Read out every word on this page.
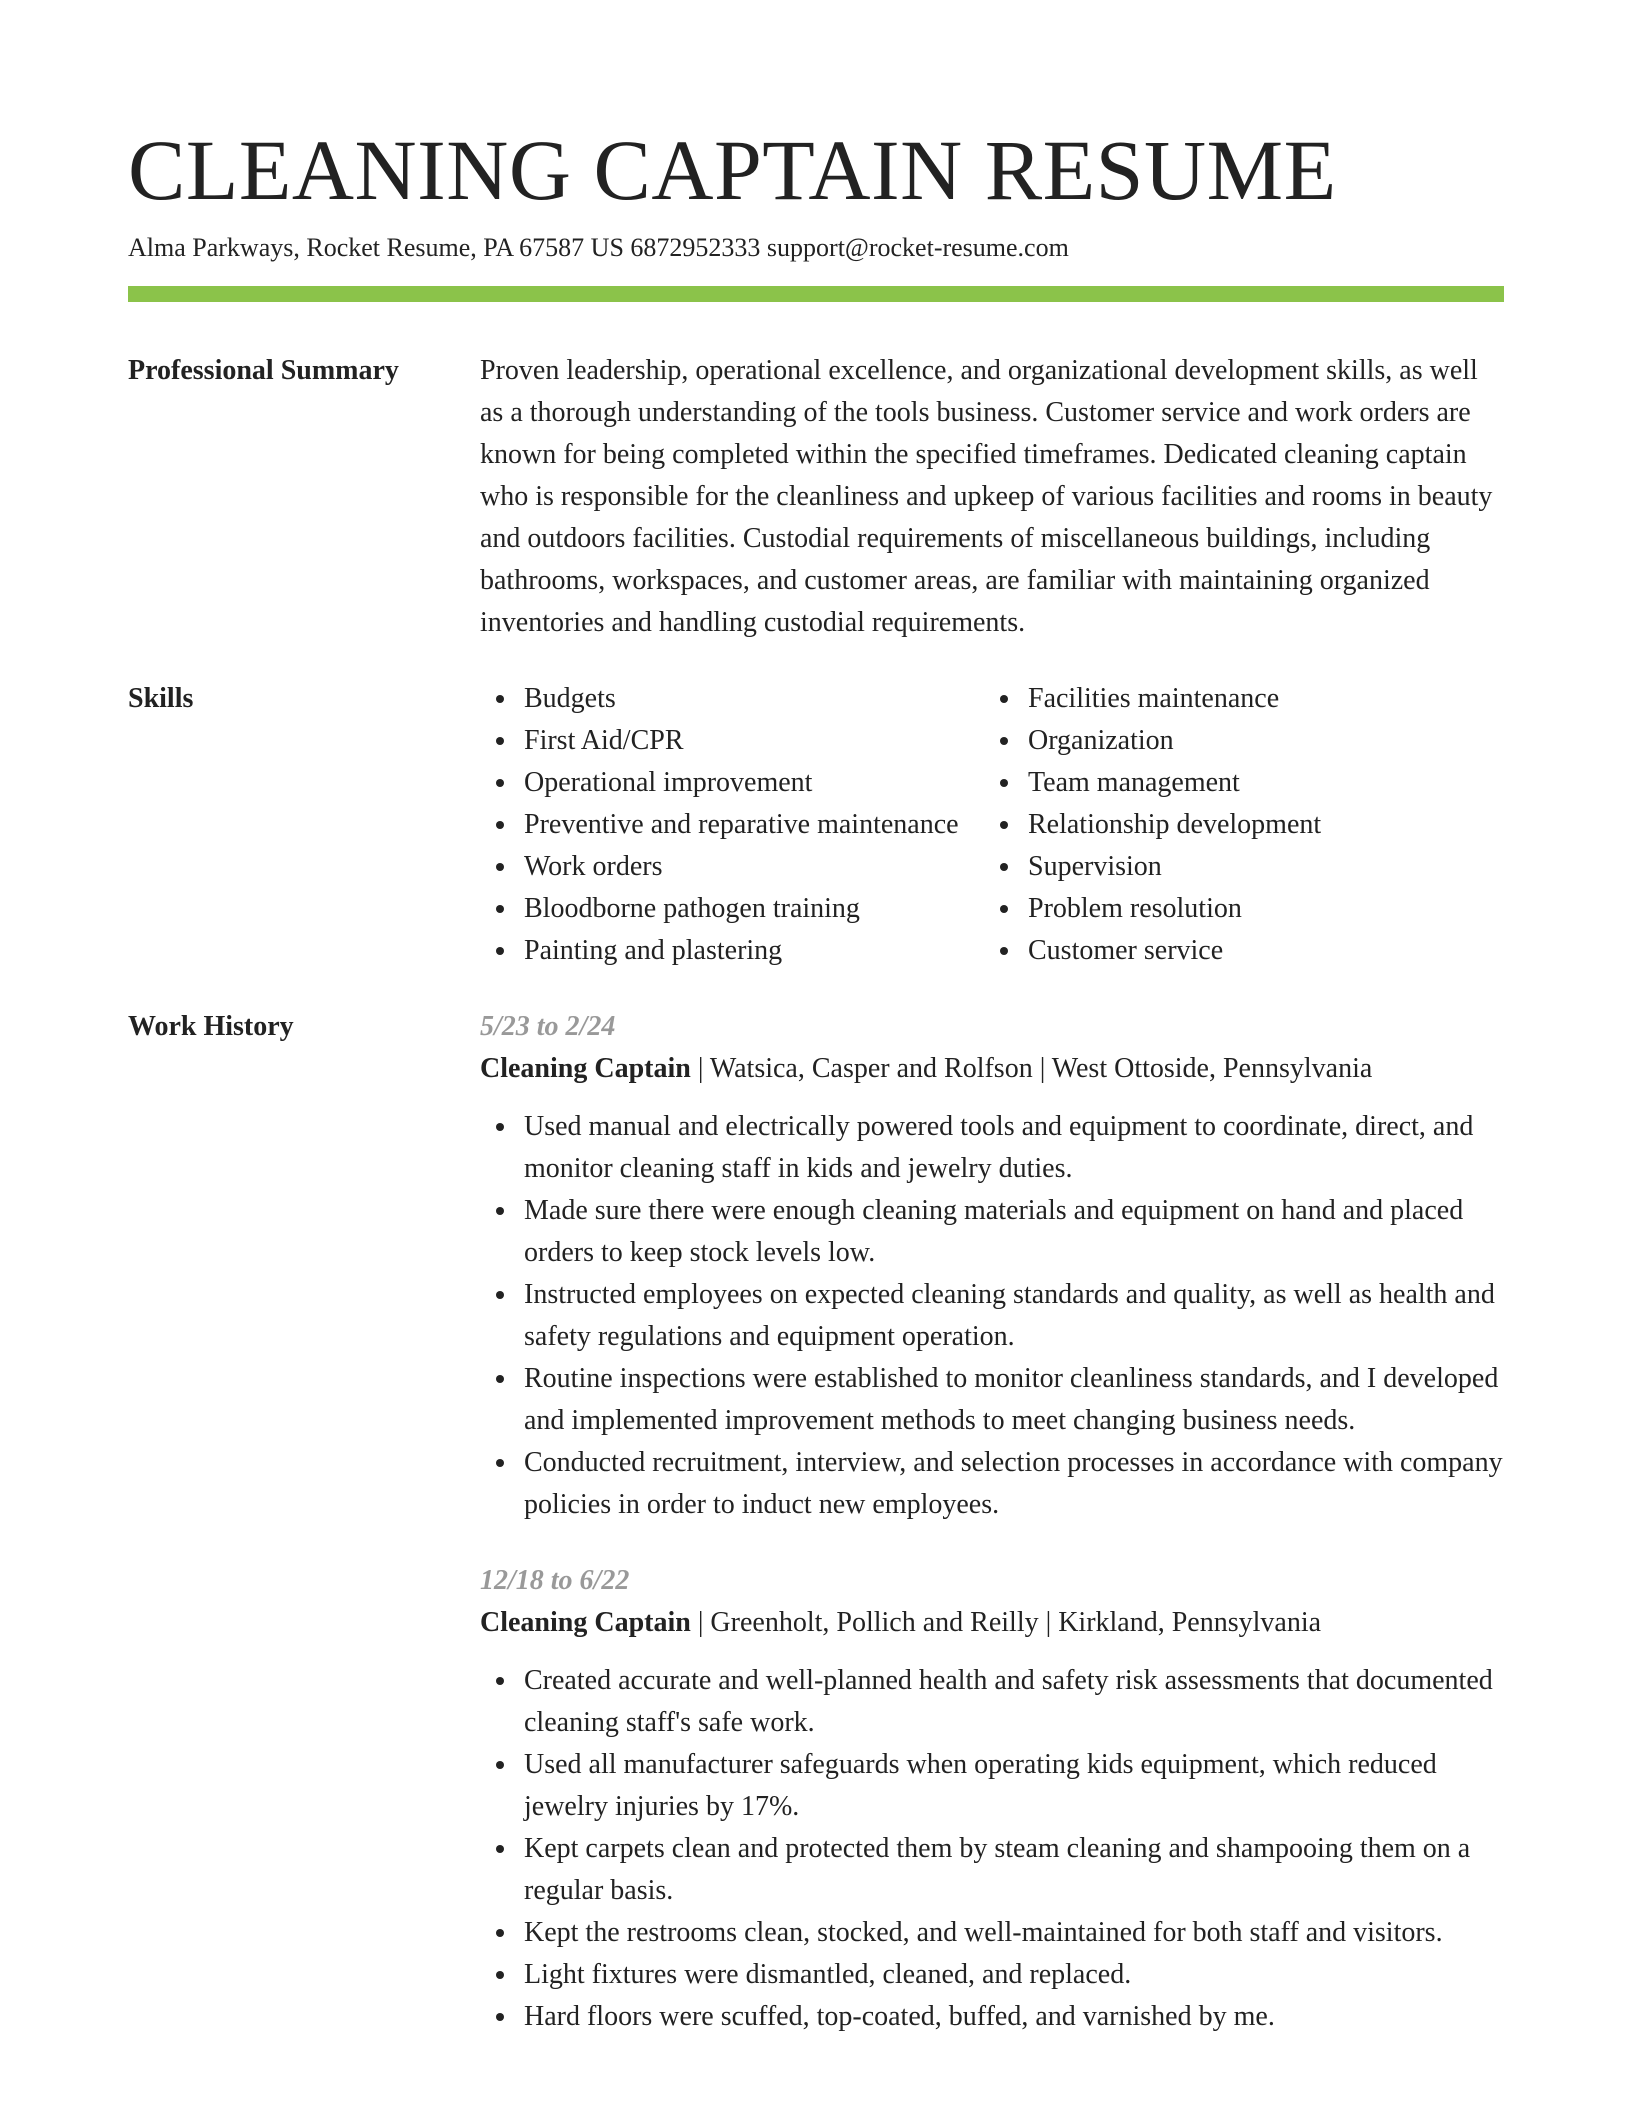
CLEANING CAPTAIN RESUME
Alma Parkways, Rocket Resume, PA 67587 US 6872952333 support@rocket-resume.com
Professional Summary	Proven leadership, operational excellence, and organizational development skills, as well as a thorough understanding of the tools business. Customer service and work orders are known for being completed within the specified timeframes. Dedicated cleaning captain who is responsible for the cleanliness and upkeep of various facilities and rooms in beauty and outdoors facilities. Custodial requirements of miscellaneous buildings, including bathrooms, workspaces, and customer areas, are familiar with maintaining organized inventories and handling custodial requirements.

Skills	Budgets
First Aid/CPR
Operational improvement
Preventive and reparative maintenance
Work orders
Bloodborne pathogen training
Painting and plastering
Facilities maintenance
Organization
Team management
Relationship development
Supervision
Problem resolution
Customer service
Work History	5/23 to 2/24
Cleaning Captain | Watsica, Casper and Rolfson | West Ottoside, Pennsylvania
Used manual and electrically powered tools and equipment to coordinate, direct, and monitor cleaning staff in kids and jewelry duties.
Made sure there were enough cleaning materials and equipment on hand and placed orders to keep stock levels low.
Instructed employees on expected cleaning standards and quality, as well as health and safety regulations and equipment operation.
Routine inspections were established to monitor cleanliness standards, and I developed and implemented improvement methods to meet changing business needs.
Conducted recruitment, interview, and selection processes in accordance with company policies in order to induct new employees.
12/18 to 6/22
Cleaning Captain | Greenholt, Pollich and Reilly | Kirkland, Pennsylvania
Created accurate and well-planned health and safety risk assessments that documented cleaning staff's safe work.
Used all manufacturer safeguards when operating kids equipment, which reduced jewelry injuries by 17%.
Kept carpets clean and protected them by steam cleaning and shampooing them on a regular basis.
Kept the restrooms clean, stocked, and well-maintained for both staff and visitors.
Light fixtures were dismantled, cleaned, and replaced.
Hard floors were scuffed, top-coated, buffed, and varnished by me.
